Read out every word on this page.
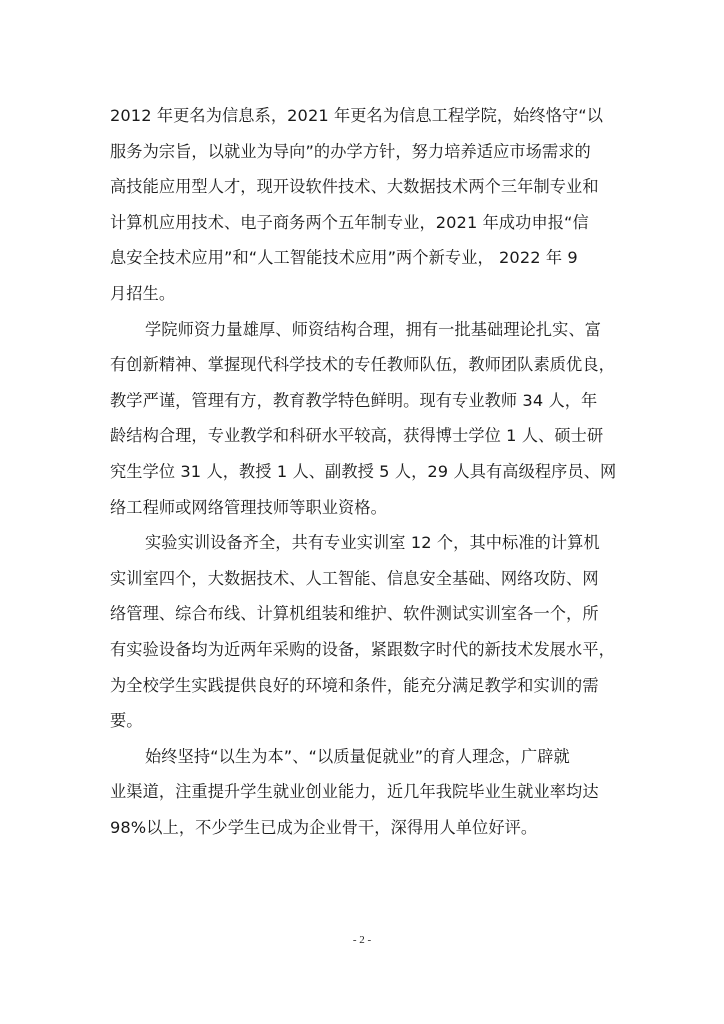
2012 年更名为信息系，2021 年更名为信息工程学院，始终恪守“以
服务为宗旨，以就业为导向”的办学方针，努力培养适应市场需求的
高技能应用型人才，现开设软件技术、大数据技术两个三年制专业和
计算机应用技术、电子商务两个五年制专业，2021 年成功申报“信
息安全技术应用”和“人工智能技术应用”两个新专业， 2022 年 9
月招生。
学院师资力量雄厚、师资结构合理，拥有一批基础理论扎实、富
有创新精神、掌握现代科学技术的专任教师队伍，教师团队素质优良，
教学严谨，管理有方，教育教学特色鲜明。现有专业教师 34 人，年
龄结构合理，专业教学和科研水平较高，获得博士学位 1 人、硕士研
究生学位 31 人，教授 1 人、副教授 5 人，29 人具有高级程序员、网
络工程师或网络管理技师等职业资格。
实验实训设备齐全，共有专业实训室 12 个，其中标准的计算机
实训室四个，大数据技术、人工智能、信息安全基础、网络攻防、网
络管理、综合布线、计算机组装和维护、软件测试实训室各一个，所
有实验设备均为近两年采购的设备，紧跟数字时代的新技术发展水平，
为全校学生实践提供良好的环境和条件，能充分满足教学和实训的需
要。
始终坚持“以生为本”、“以质量促就业”的育人理念，广辟就
业渠道，注重提升学生就业创业能力，近几年我院毕业生就业率均达
98%以上，不少学生已成为企业骨干，深得用人单位好评。
- 2 -
